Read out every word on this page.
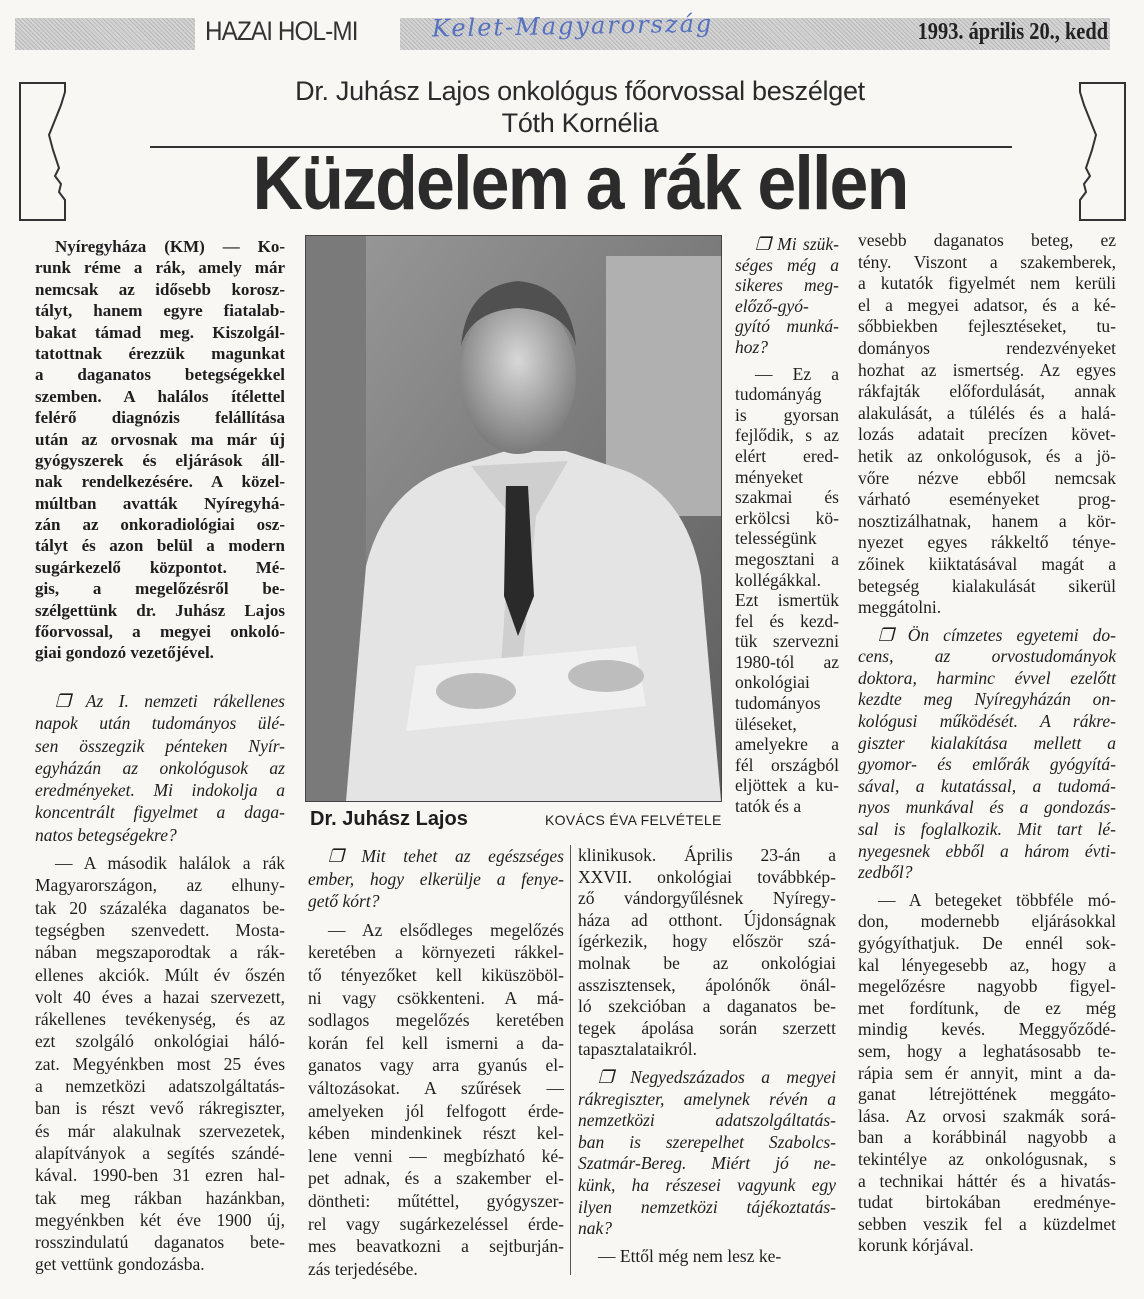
HAZAI HOL-MI	Kelet-Magyarország	1993. április 20., kedd
Dr. Juhász Lajos onkológus főorvossal beszélget
Tóth Kornélia
Küzdelem a rák ellen
Dr. Juhász Lajos	KOVÁCS ÉVA FELVÉTELE
Nyíregyháza (KM) — Ko-
runk réme a rák, amely már
nemcsak az idősebb korosz-
tályt, hanem egyre fiatalab-
bakat támad meg. Kiszolgál-
tatottnak érezzük magunkat
a daganatos betegségekkel
szemben. A halálos ítélettel
felérő diagnózis felállítása
után az orvosnak ma már új
gyógyszerek és eljárások áll-
nak rendelkezésére. A közel-
múltban avatták Nyíregyhá-
zán az onkoradiológiai osz-
tályt és azon belül a modern
sugárkezelő központot. Mé-
gis, a megelőzésről be-
szélgettünk dr. Juhász Lajos
főorvossal, a megyei onkoló-
giai gondozó vezetőjével.
❐ Az I. nemzeti rákellenes
napok után tudományos ülé-
sen összegzik pénteken Nyír-
egyházán az onkológusok az
eredményeket. Mi indokolja a
koncentrált figyelmet a daga-
natos betegségekre?
— A második halálok a rák
Magyarországon, az elhuny-
tak 20 százaléka daganatos be-
tegségben szenvedett. Mosta-
nában megszaporodtak a rák-
ellenes akciók. Múlt év őszén
volt 40 éves a hazai szervezett,
rákellenes tevékenység, és az
ezt szolgáló onkológiai háló-
zat. Megyénkben most 25 éves
a nemzetközi adatszolgáltatás-
ban is részt vevő rákregiszter,
és már alakulnak szervezetek,
alapítványok a segítés szándé-
kával. 1990-ben 31 ezren hal-
tak meg rákban hazánkban,
megyénkben két éve 1900 új,
rosszindulatú daganatos bete-
get vettünk gondozásba.
❐ Mi szük-
séges még a
sikeres meg-
előző-gyó-
gyító munká-
hoz?
— Ez a
tudományág
is gyorsan
fejlődik, s az
elért ered-
ményeket
szakmai és
erkölcsi kö-
telességünk
megosztani a
kollégákkal.
Ezt ismertük
fel és kezd-
tük szervezni
1980-tól az
onkológiai
tudományos
üléseket,
amelyekre a
fél országból
eljöttek a ku-
tatók és a
❐ Mit tehet az egészséges
ember, hogy elkerülje a fenye-
gető kórt?
— Az elsődleges megelőzés
keretében a környezeti rákkel-
tő tényezőket kell kiküszöböl-
ni vagy csökkenteni. A má-
sodlagos megelőzés keretében
korán fel kell ismerni a da-
ganatos vagy arra gyanús el-
változásokat. A szűrések —
amelyeken jól felfogott érde-
kében mindenkinek részt kel-
lene venni — megbízható ké-
pet adnak, és a szakember el-
döntheti: műtéttel, gyógyszer-
rel vagy sugárkezeléssel érde-
mes beavatkozni a sejtburján-
zás terjedésébe.
klinikusok. Április 23-án a
XXVII. onkológiai továbbkép-
ző vándorgyűlésnek Nyíregy-
háza ad otthont. Újdonságnak
ígérkezik, hogy először szá-
molnak be az onkológiai
asszisztensek, ápolónők önál-
ló szekcióban a daganatos be-
tegek ápolása során szerzett
tapasztalataikról.
❐ Negyedszázados a megyei
rákregiszter, amelynek révén a
nemzetközi adatszolgáltatás-
ban is szerepelhet Szabolcs-
Szatmár-Bereg. Miért jó ne-
künk, ha részesei vagyunk egy
ilyen nemzetközi tájékoztatás-
nak?
— Ettől még nem lesz ke-
vesebb daganatos beteg, ez
tény. Viszont a szakemberek,
a kutatók figyelmét nem kerüli
el a megyei adatsor, és a ké-
sőbbiekben fejlesztéseket, tu-
dományos rendezvényeket
hozhat az ismertség. Az egyes
rákfajták előfordulását, annak
alakulását, a túlélés és a halá-
lozás adatait precízen követ-
hetik az onkológusok, és a jö-
vőre nézve ebből nemcsak
várható eseményeket prog-
nosztizálhatnak, hanem a kör-
nyezet egyes rákkeltő ténye-
zőinek kiiktatásával magát a
betegség kialakulását sikerül
meggátolni.
❐ Ön címzetes egyetemi do-
cens, az orvostudományok
doktora, harminc évvel ezelőtt
kezdte meg Nyíregyházán on-
kológusi működését. A rákre-
giszter kialakítása mellett a
gyomor- és emlőrák gyógyítá-
sával, a kutatással, a tudomá-
nyos munkával és a gondozás-
sal is foglalkozik. Mit tart lé-
nyegesnek ebből a három évti-
zedből?
— A betegeket többféle mó-
don, modernebb eljárásokkal
gyógyíthatjuk. De ennél sok-
kal lényegesebb az, hogy a
megelőzésre nagyobb figyel-
met fordítunk, de ez még
mindig kevés. Meggyőződé-
sem, hogy a leghatásosabb te-
rápia sem ér annyit, mint a da-
ganat létrejöttének meggáto-
lása. Az orvosi szakmák sorá-
ban a korábbinál nagyobb a
tekintélye az onkológusnak, s
a technikai háttér és a hivatás-
tudat birtokában eredménye-
sebben veszik fel a küzdelmet
korunk kórjával.
